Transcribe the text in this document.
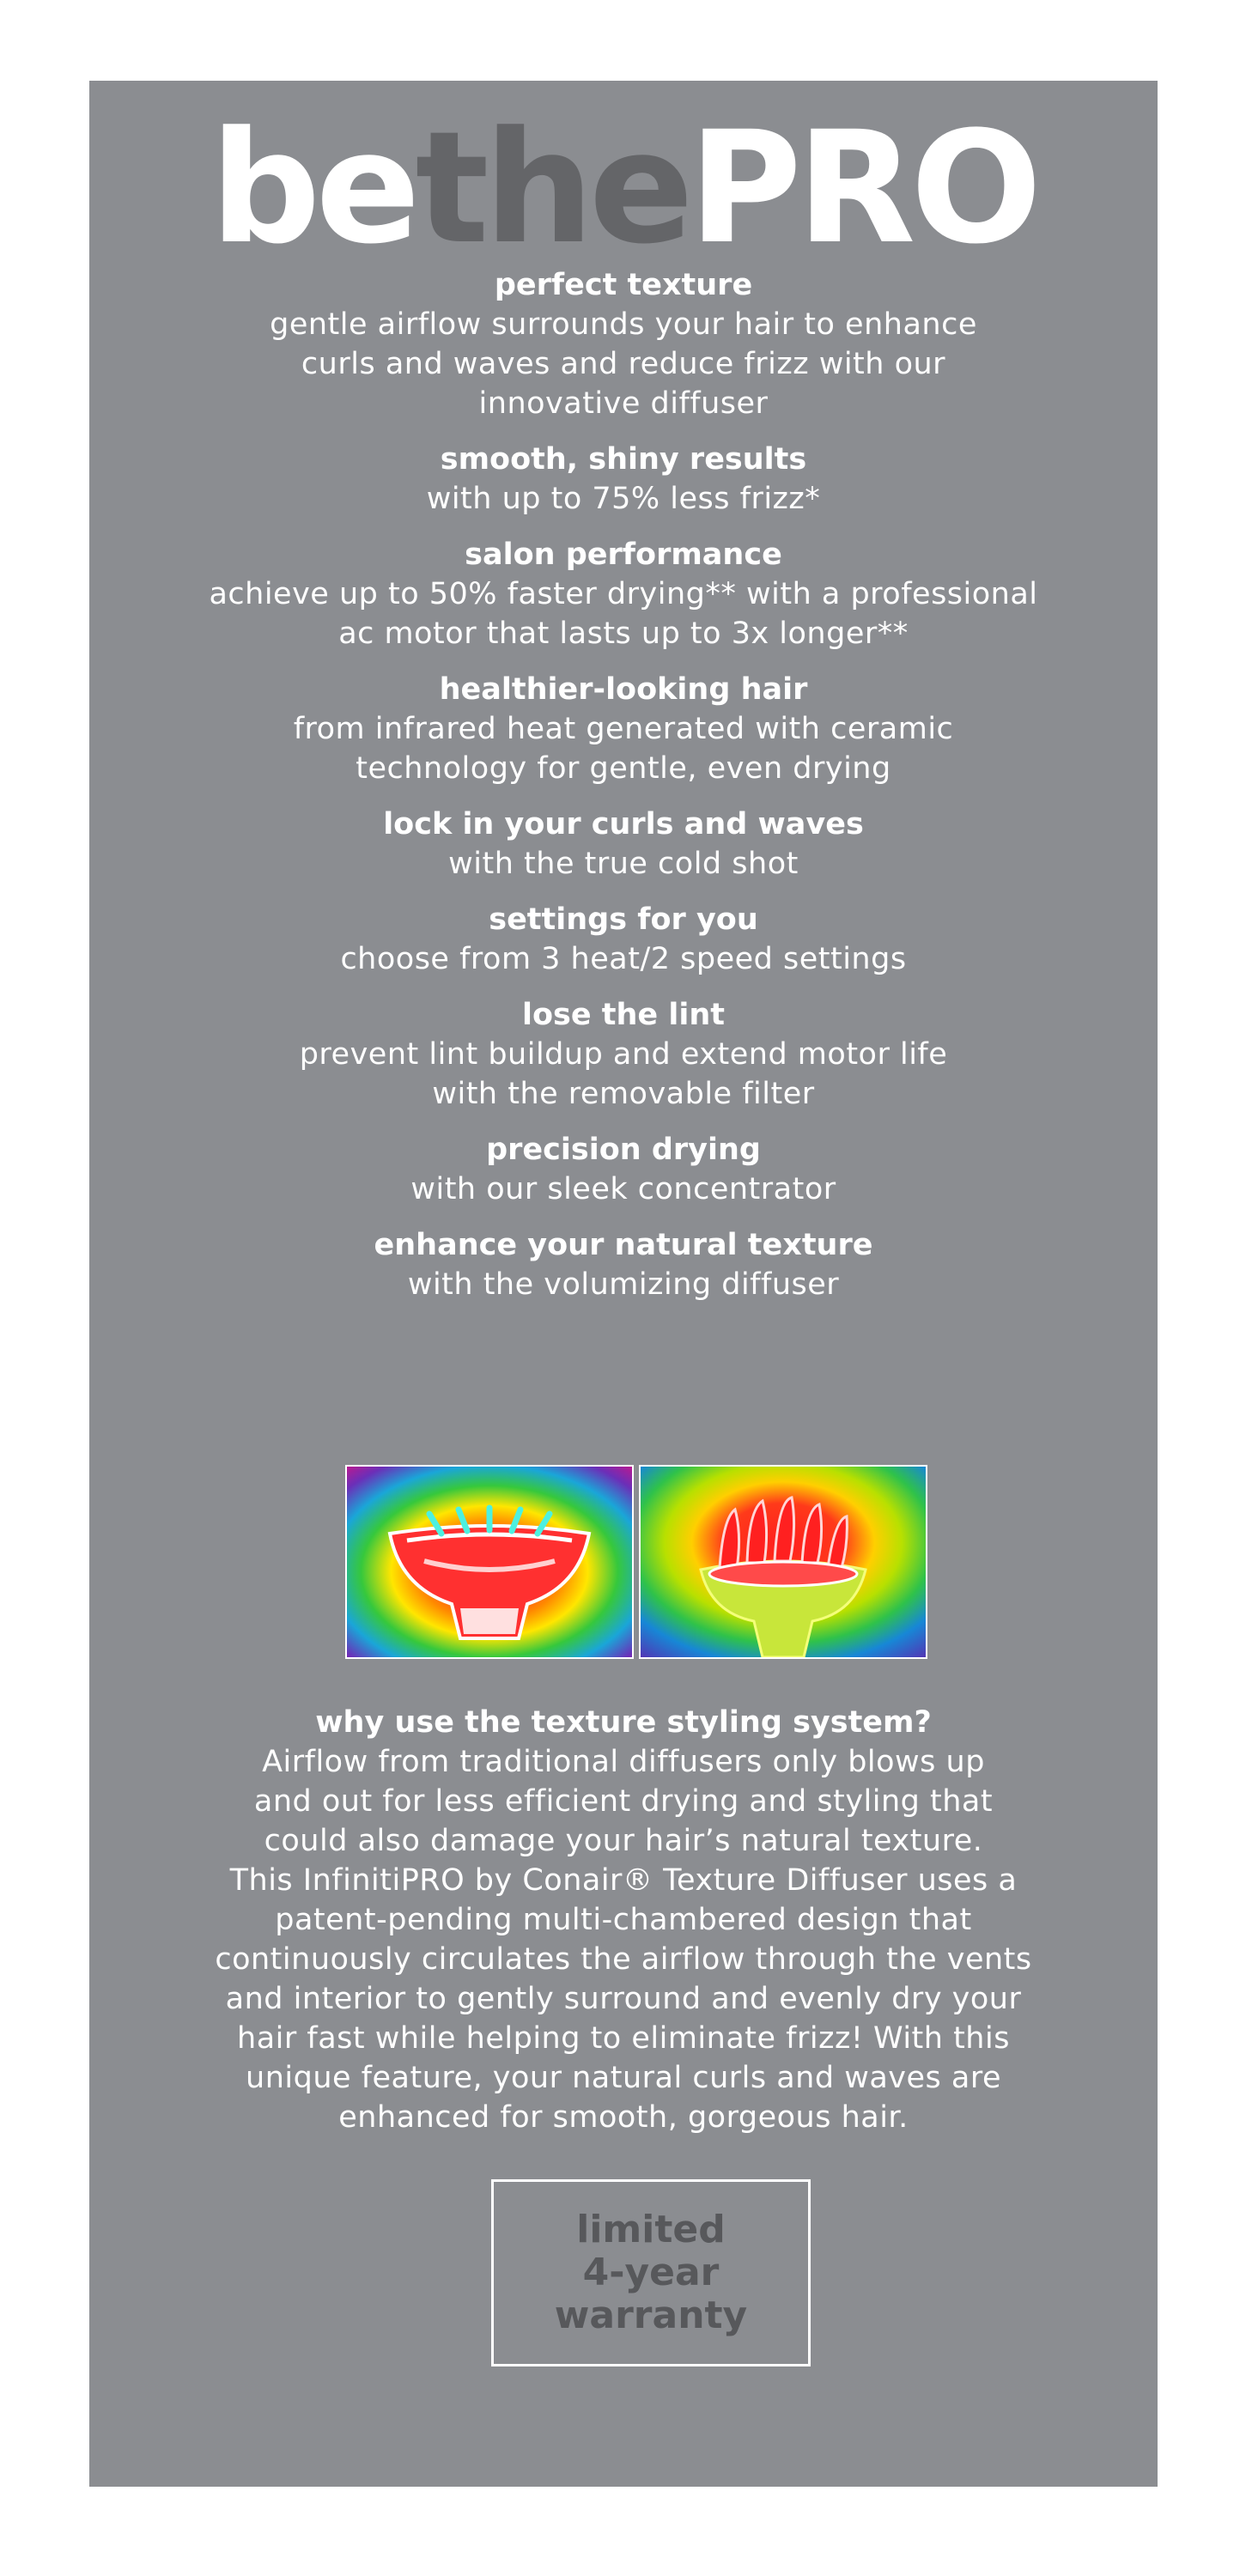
bethePRO
perfect texture
gentle airflow surrounds your hair to enhance
curls and waves and reduce frizz with our
innovative diffuser
smooth, shiny results
with up to 75% less frizz*
salon performance
achieve up to 50% faster drying** with a professional
ac motor that lasts up to 3x longer**
healthier-looking hair
from infrared heat generated with ceramic
technology for gentle, even drying
lock in your curls and waves
with the true cold shot
settings for you
choose from 3 heat/2 speed settings
lose the lint
prevent lint buildup and extend motor life
with the removable filter
precision drying
with our sleek concentrator
enhance your natural texture
with the volumizing diffuser
why use the texture styling system?
Airflow from traditional diffusers only blows up
and out for less efficient drying and styling that
could also damage your hair’s natural texture.
This InfinitiPRO by Conair® Texture Diffuser uses a
patent-pending multi-chambered design that
continuously circulates the airflow through the vents
and interior to gently surround and evenly dry your
hair fast while helping to eliminate frizz! With this
unique feature, your natural curls and waves are
enhanced for smooth, gorgeous hair.
limited
4-year
warranty
